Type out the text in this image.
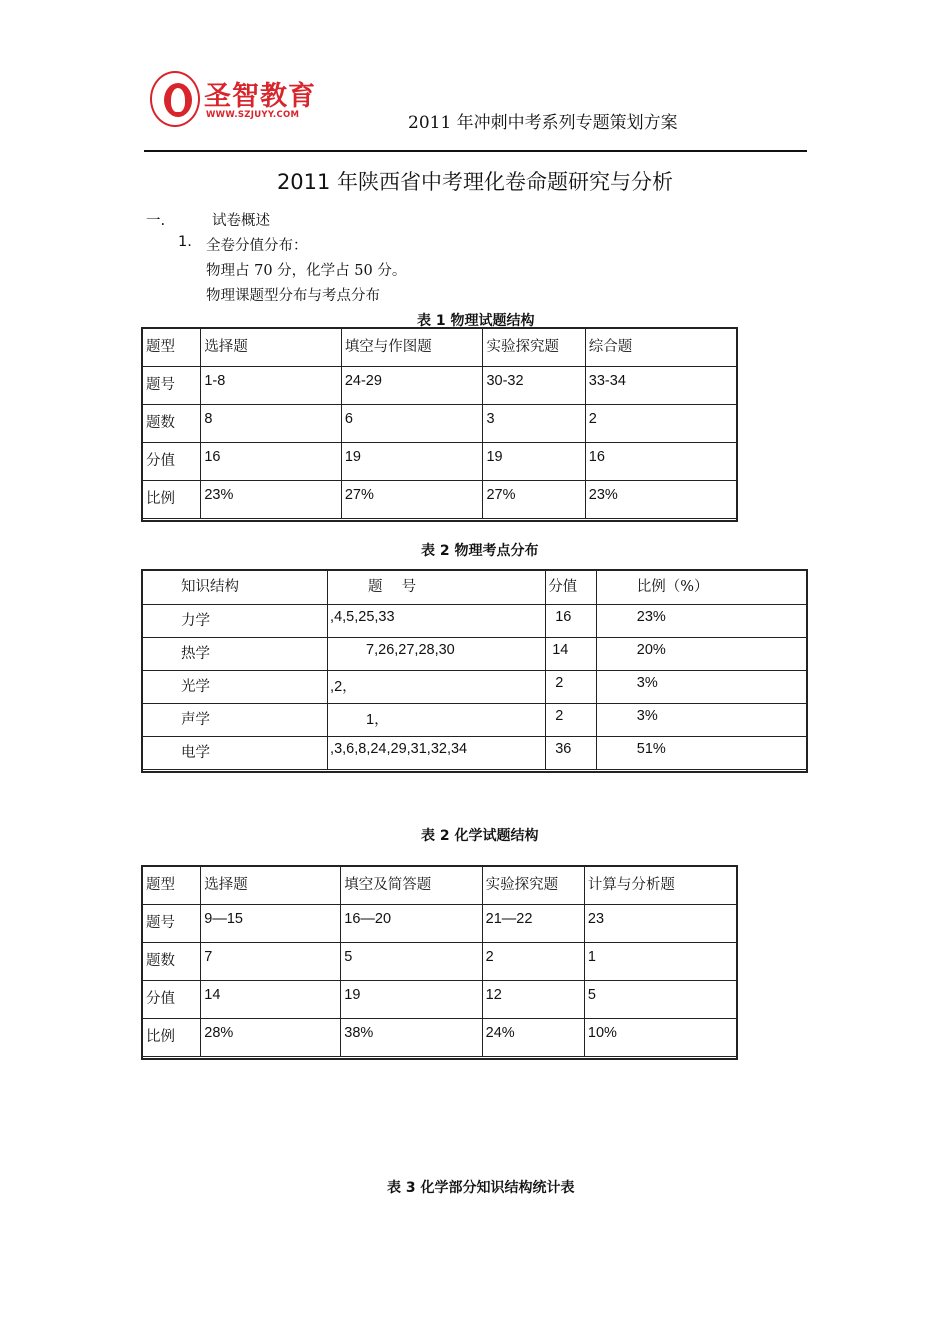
圣智教育
WWW.SZJUYY.COM	2011 年冲刺中考系列专题策划方案
2011 年陕西省中考理化卷命题研究与分析
一.	试卷概述
1. 全卷分值分布：
物理占 70 分，化学占 50 分。
物理课题型分布与考点分布
表 1 物理试题结构
题型	选择题	填空与作图题	实验探究题	综合题
题号	1-8	24-29	30-32	33-34
题数	8	6	3	2
分值	16	19	19	16
比例	23%	27%	27%	23%
表 2 物理考点分布
知识结构	题　 号	分值	比例（%）
力学	,4,5,25,33	16	23%
热学	7,26,27,28,30	14	20%
光学	,2，	2	3%
声学	1，	2	3%
电学	,3,6,8,24,29,31,32,34	36	51%
表 2 化学试题结构
题型	选择题	填空及简答题	实验探究题	计算与分析题
题号	9—15	16—20	21—22	23
题数	7	5	2	1
分值	14	19	12	5
比例	28%	38%	24%	10%
表 3 化学部分知识结构统计表
